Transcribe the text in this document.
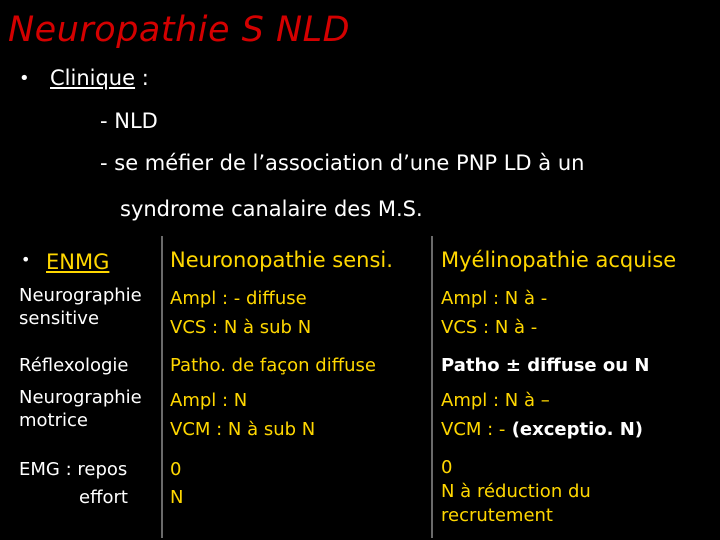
Neuropathie S NLD
• Clinique :
- NLD
- se méfier de l’association d’une PNP LD à un
syndrome canalaire des M.S.
• ENMG	Neuronopathie sensi. Myélinopathie acquise
Neurographie
sensitive
Ampl : - diffuse
VCS : N à sub N
Ampl : N à -
VCS : N à -
Réflexologie Patho. de façon diffuse	Patho ± diffuse ou N
Neurographie
motrice
Ampl : N
VCM : N à sub N
Ampl : N à –
VCM : - (exceptio. N)
EMG : repos
effort
0
N
0
N à réduction du
recrutement
